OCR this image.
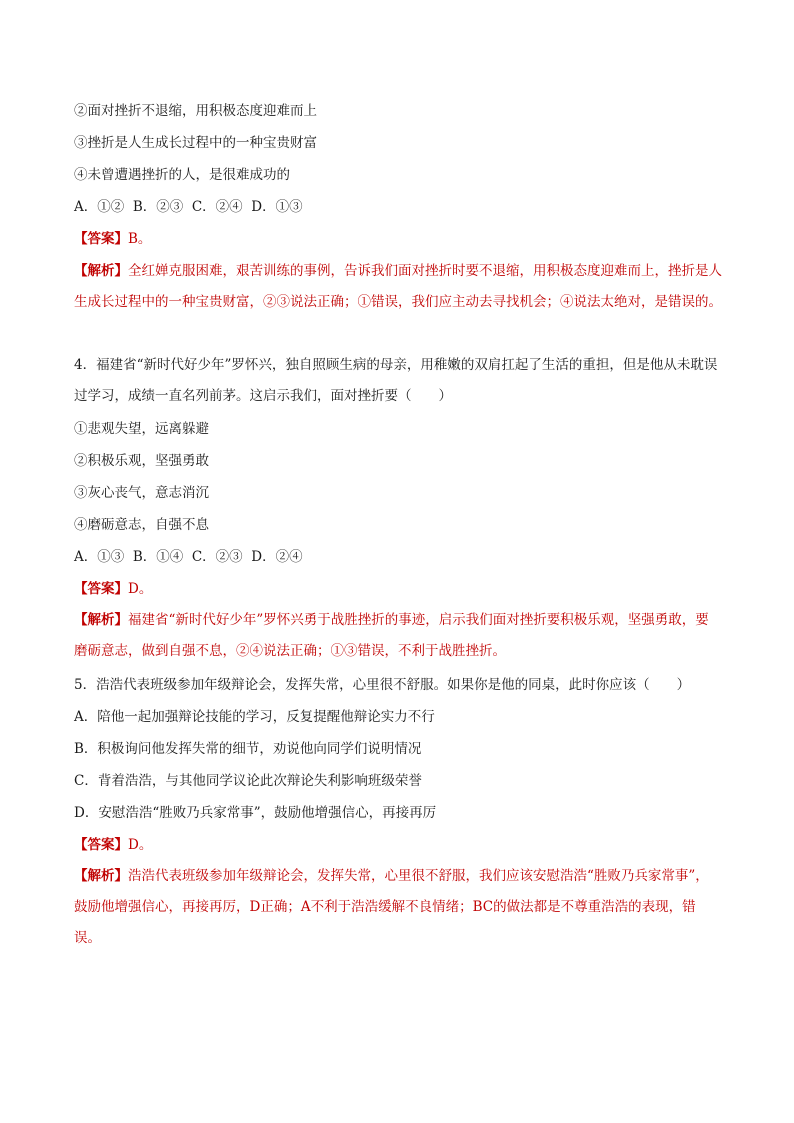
②面对挫折不退缩，用积极态度迎难而上
③挫折是人生成长过程中的一种宝贵财富
④未曾遭遇挫折的人，是很难成功的
A．①②  B．②③  C．②④  D．①③
【答案】B。
【解析】全红婵克服困难，艰苦训练的事例，告诉我们面对挫折时要不退缩，用积极态度迎难而上，挫折是人生成长过程中的一种宝贵财富，②③说法正确；①错误，我们应主动去寻找机会；④说法太绝对，是错误的。
4．福建省“新时代好少年”罗怀兴，独自照顾生病的母亲，用稚嫩的双肩扛起了生活的重担，但是他从未耽误过学习，成绩一直名列前茅。这启示我们，面对挫折要（　　）
①悲观失望，远离躲避
②积极乐观，坚强勇敢
③灰心丧气，意志消沉
④磨砺意志，自强不息
A．①③  B．①④  C．②③  D．②④
【答案】D。
【解析】福建省“新时代好少年”罗怀兴勇于战胜挫折的事迹，启示我们面对挫折要积极乐观，坚强勇敢，要磨砺意志，做到自强不息，②④说法正确；①③错误，不利于战胜挫折。
5．浩浩代表班级参加年级辩论会，发挥失常，心里很不舒服。如果你是他的同桌，此时你应该（　　）
A．陪他一起加强辩论技能的学习，反复提醒他辩论实力不行
B．积极询问他发挥失常的细节，劝说他向同学们说明情况
C．背着浩浩，与其他同学议论此次辩论失利影响班级荣誉
D．安慰浩浩“胜败乃兵家常事”，鼓励他增强信心，再接再厉
【答案】D。
【解析】浩浩代表班级参加年级辩论会，发挥失常，心里很不舒服，我们应该安慰浩浩“胜败乃兵家常事”，鼓励他增强信心，再接再厉，D正确；A不利于浩浩缓解不良情绪；BC的做法都是不尊重浩浩的表现，错误。
